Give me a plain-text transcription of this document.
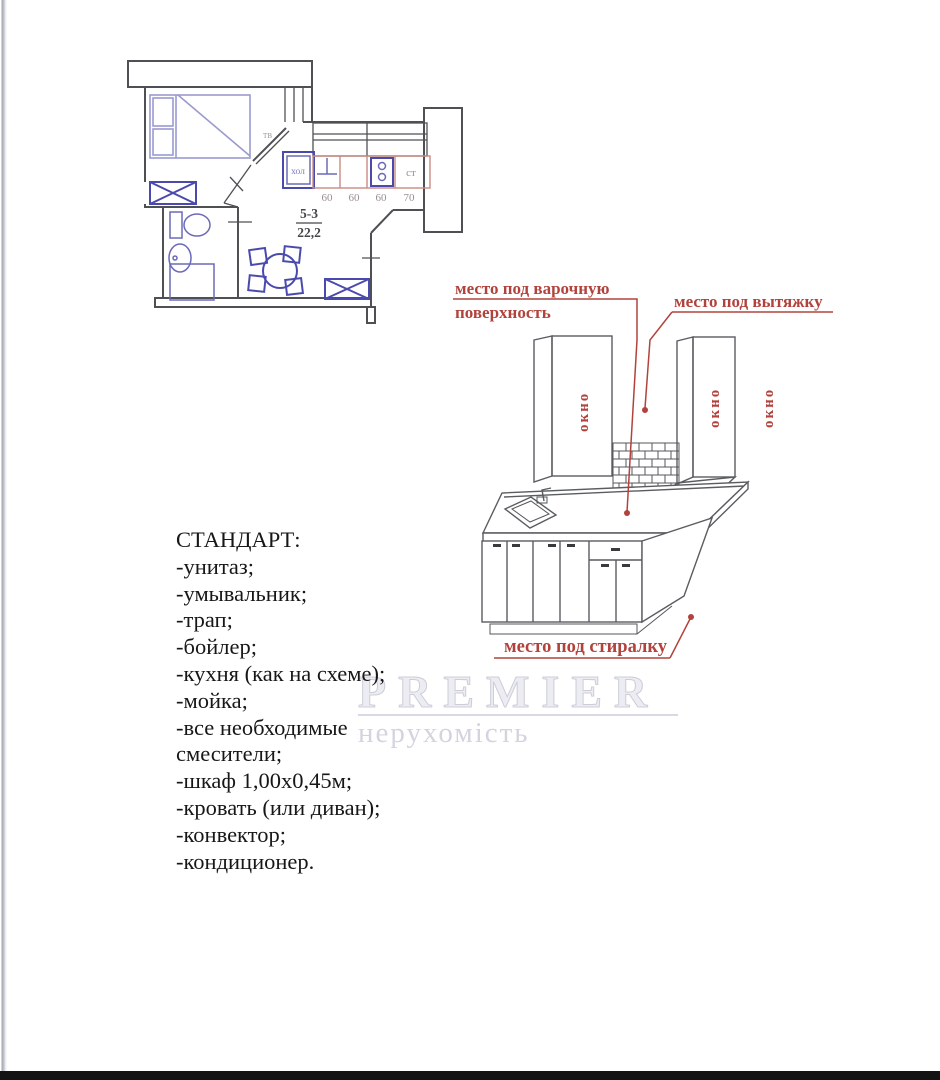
хол	ст
60 60 60 70
тв
5-3
22,2
окно	окно	окно
место под варочную
поверхность
место под вытяжку
место под стиралку
PREMIER
нерухомість
СТАНДАРТ:
-унитаз;
-умывальник;
-трап;
-бойлер;
-кухня (как на схеме);
-мойка;
-все необходимые
смесители;
-шкаф 1,00х0,45м;
-кровать (или диван);
-конвектор;
-кондиционер.
